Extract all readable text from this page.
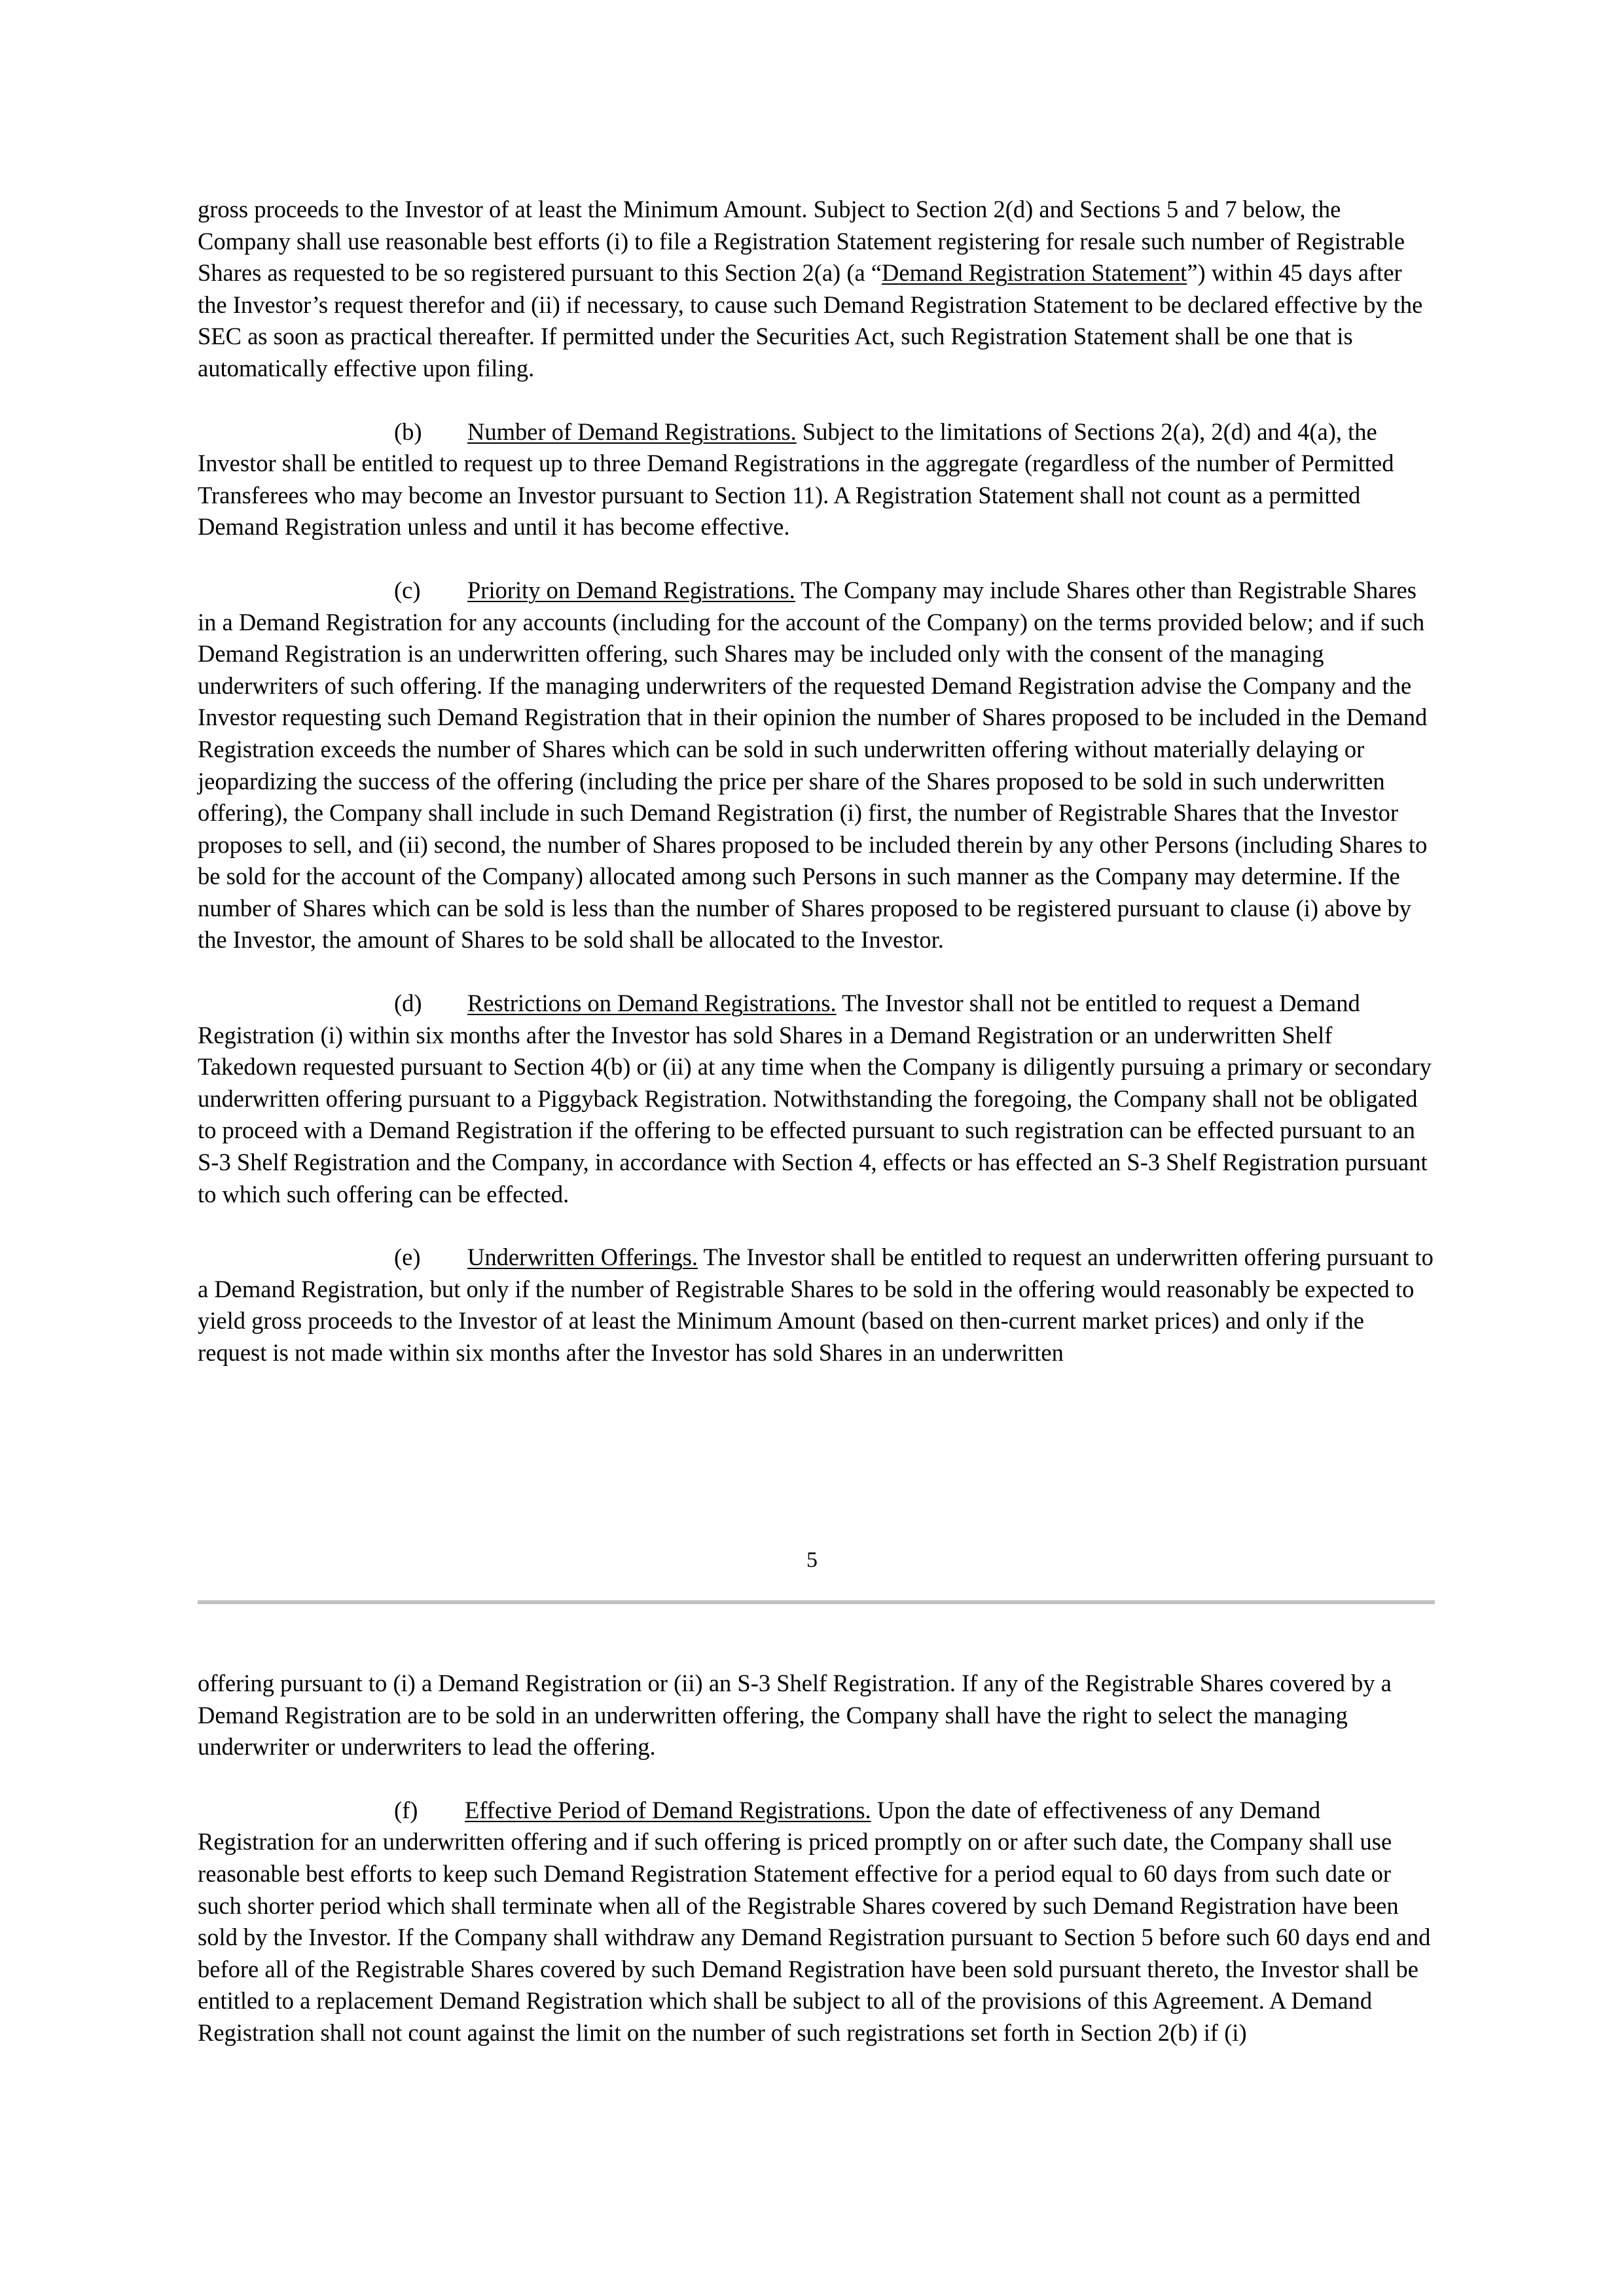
gross proceeds to the Investor of at least the Minimum Amount. Subject to Section 2(d) and Sections 5 and 7 below, the Company shall use reasonable best efforts (i) to file a Registration Statement registering for resale such number of Registrable Shares as requested to be so registered pursuant to this Section 2(a) (a “Demand Registration Statement”) within 45 days after the Investor’s request therefor and (ii) if necessary, to cause such Demand Registration Statement to be declared effective by the SEC as soon as practical thereafter. If permitted under the Securities Act, such Registration Statement shall be one that is automatically effective upon filing.

(b) Number of Demand Registrations. Subject to the limitations of Sections 2(a), 2(d) and 4(a), the Investor shall be entitled to request up to three Demand Registrations in the aggregate (regardless of the number of Permitted Transferees who may become an Investor pursuant to Section 11). A Registration Statement shall not count as a permitted Demand Registration unless and until it has become effective.

(c) Priority on Demand Registrations. The Company may include Shares other than Registrable Shares in a Demand Registration for any accounts (including for the account of the Company) on the terms provided below; and if such Demand Registration is an underwritten offering, such Shares may be included only with the consent of the managing underwriters of such offering. If the managing underwriters of the requested Demand Registration advise the Company and the Investor requesting such Demand Registration that in their opinion the number of Shares proposed to be included in the Demand Registration exceeds the number of Shares which can be sold in such underwritten offering without materially delaying or jeopardizing the success of the offering (including the price per share of the Shares proposed to be sold in such underwritten offering), the Company shall include in such Demand Registration (i) first, the number of Registrable Shares that the Investor proposes to sell, and (ii) second, the number of Shares proposed to be included therein by any other Persons (including Shares to be sold for the account of the Company) allocated among such Persons in such manner as the Company may determine. If the number of Shares which can be sold is less than the number of Shares proposed to be registered pursuant to clause (i) above by the Investor, the amount of Shares to be sold shall be allocated to the Investor.

(d) Restrictions on Demand Registrations. The Investor shall not be entitled to request a Demand Registration (i) within six months after the Investor has sold Shares in a Demand Registration or an underwritten Shelf Takedown requested pursuant to Section 4(b) or (ii) at any time when the Company is diligently pursuing a primary or secondary underwritten offering pursuant to a Piggyback Registration. Notwithstanding the foregoing, the Company shall not be obligated to proceed with a Demand Registration if the offering to be effected pursuant to such registration can be effected pursuant to an S-3 Shelf Registration and the Company, in accordance with Section 4, effects or has effected an S-3 Shelf Registration pursuant to which such offering can be effected.

(e) Underwritten Offerings. The Investor shall be entitled to request an underwritten offering pursuant to a Demand Registration, but only if the number of Registrable Shares to be sold in the offering would reasonably be expected to yield gross proceeds to the Investor of at least the Minimum Amount (based on then-current market prices) and only if the request is not made within six months after the Investor has sold Shares in an underwritten

5

offering pursuant to (i) a Demand Registration or (ii) an S-3 Shelf Registration. If any of the Registrable Shares covered by a Demand Registration are to be sold in an underwritten offering, the Company shall have the right to select the managing underwriter or underwriters to lead the offering.

(f) Effective Period of Demand Registrations. Upon the date of effectiveness of any Demand Registration for an underwritten offering and if such offering is priced promptly on or after such date, the Company shall use reasonable best efforts to keep such Demand Registration Statement effective for a period equal to 60 days from such date or such shorter period which shall terminate when all of the Registrable Shares covered by such Demand Registration have been sold by the Investor. If the Company shall withdraw any Demand Registration pursuant to Section 5 before such 60 days end and before all of the Registrable Shares covered by such Demand Registration have been sold pursuant thereto, the Investor shall be entitled to a replacement Demand Registration which shall be subject to all of the provisions of this Agreement. A Demand Registration shall not count against the limit on the number of such registrations set forth in Section 2(b) if (i)
